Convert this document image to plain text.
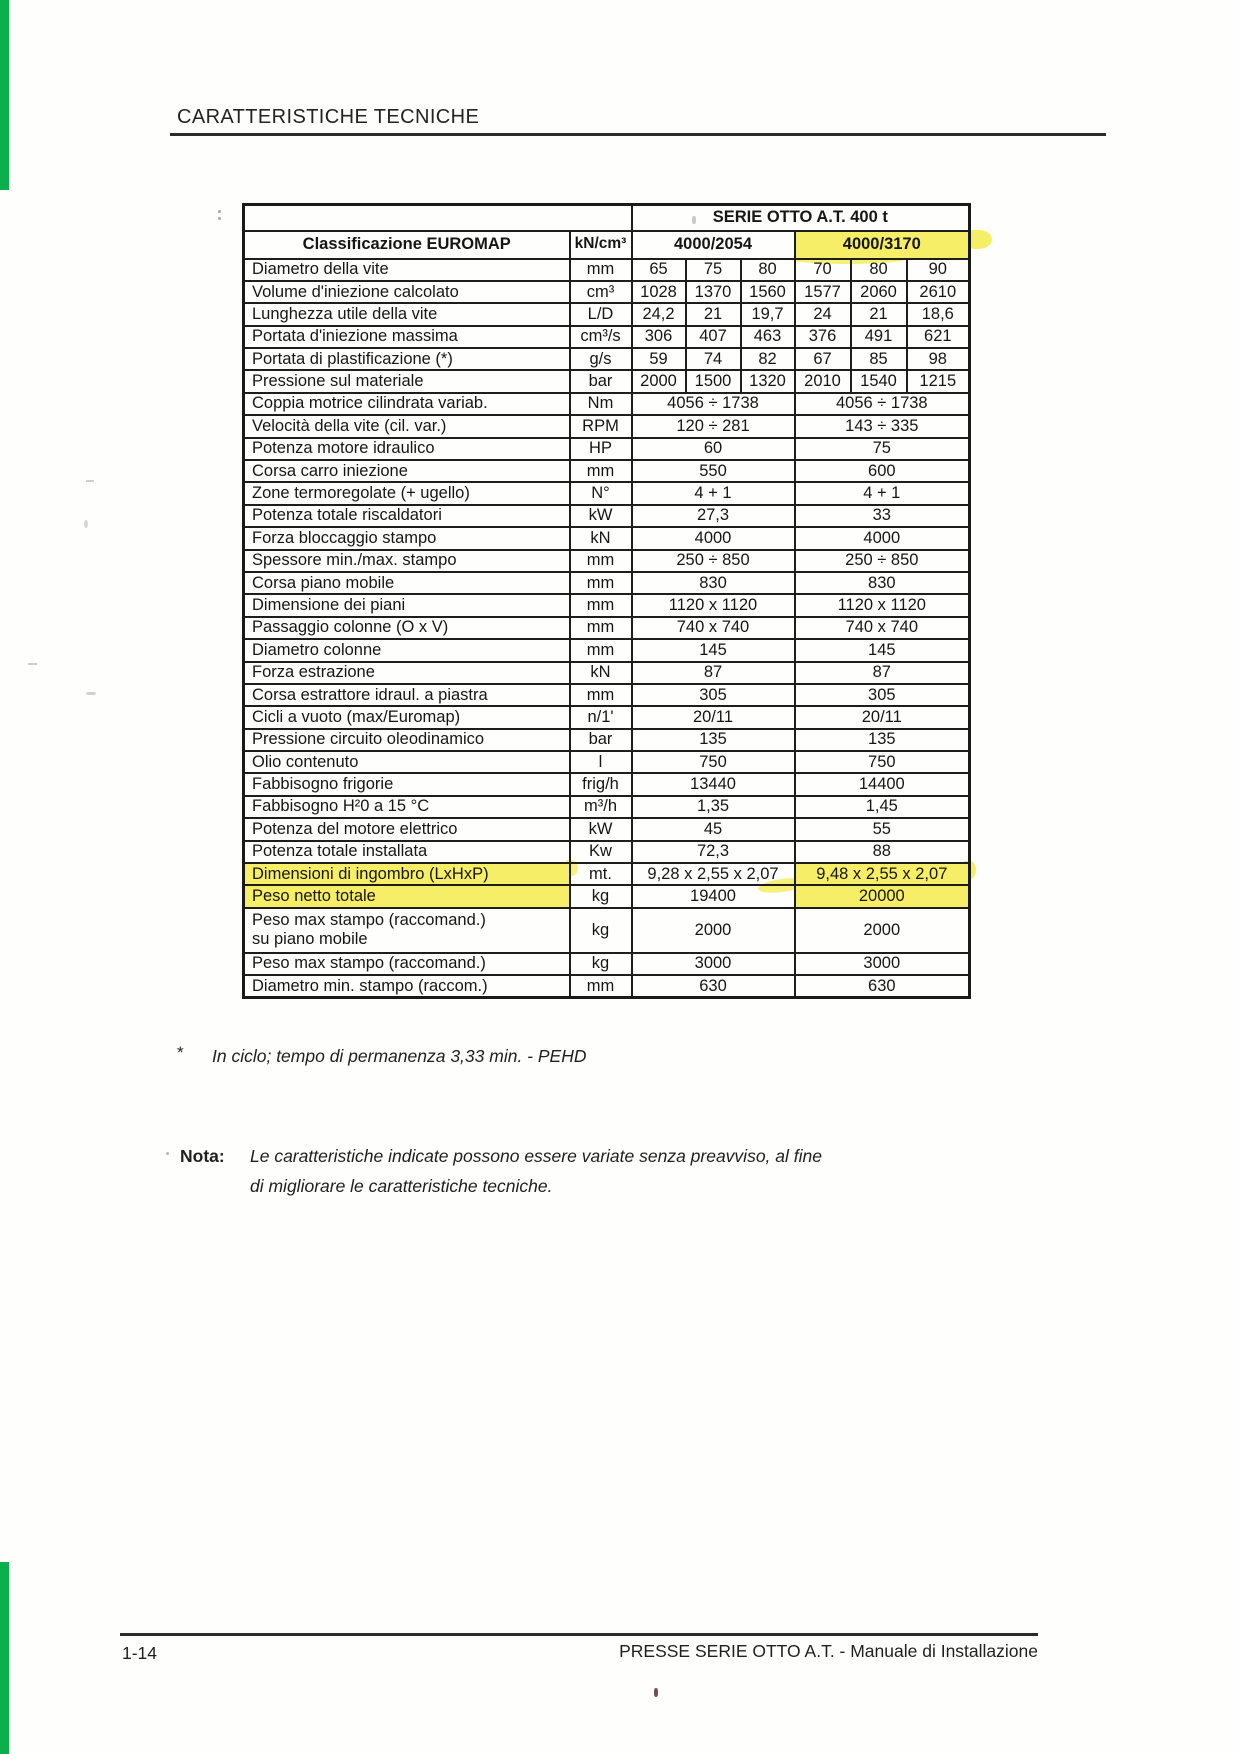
CARATTERISTICHE TECNICHE
		SERIE OTTO A.T. 400 t					
Classificazione EUROMAP	kN/cm³	4000/2054			4000/3170		
Diametro della vite	mm	65	75	80	70	80	90
Volume d'iniezione calcolato	cm³	1028	1370	1560	1577	2060	2610
Lunghezza utile della vite	L/D	24,2	21	19,7	24	21	18,6
Portata d'iniezione massima	cm³/s	306	407	463	376	491	621
Portata di plastificazione (*)	g/s	59	74	82	67	85	98
Pressione sul materiale	bar	2000	1500	1320	2010	1540	1215
Coppia motrice cilindrata variab.	Nm	4056 ÷ 1738			4056 ÷ 1738		
Velocità della vite (cil. var.)	RPM	120 ÷ 281			143 ÷ 335		
Potenza motore idraulico	HP	60			75		
Corsa carro iniezione	mm	550			600		
Zone termoregolate (+ ugello)	N°	4 + 1			4 + 1		
Potenza totale riscaldatori	kW	27,3			33		
Forza bloccaggio stampo	kN	4000			4000		
Spessore min./max. stampo	mm	250 ÷ 850			250 ÷ 850		
Corsa piano mobile	mm	830			830		
Dimensione dei piani	mm	1120 x 1120			1120 x 1120		
Passaggio colonne (O x V)	mm	740 x 740			740 x 740		
Diametro colonne	mm	145			145		
Forza estrazione	kN	87			87		
Corsa estrattore idraul. a piastra	mm	305			305		
Cicli a vuoto (max/Euromap)	n/1'	20/11			20/11		
Pressione circuito oleodinamico	bar	135			135		
Olio contenuto	l	750			750		
Fabbisogno frigorie	frig/h	13440			14400		
Fabbisogno H²0 a 15 °C	m³/h	1,35			1,45		
Potenza del motore elettrico	kW	45			55		
Potenza totale installata	Kw	72,3			88		
Dimensioni di ingombro (LxHxP)	mt.	9,28 x 2,55 x 2,07			9,48 x 2,55 x 2,07		
Peso netto totale	kg	19400			20000		

Peso max stampo (raccomand.)
su piano mobile	kg	2000			2000		
Peso max stampo (raccomand.)	kg	3000			3000		
Diametro min. stampo (raccom.)	mm	630			630		
* In ciclo; tempo di permanenza 3,33 min. - PEHD
Nota: Le caratteristiche indicate possono essere variate senza preavviso, al fine
di migliorare le caratteristiche tecniche.
1-14	PRESSE SERIE OTTO A.T. - Manuale di Installazione
